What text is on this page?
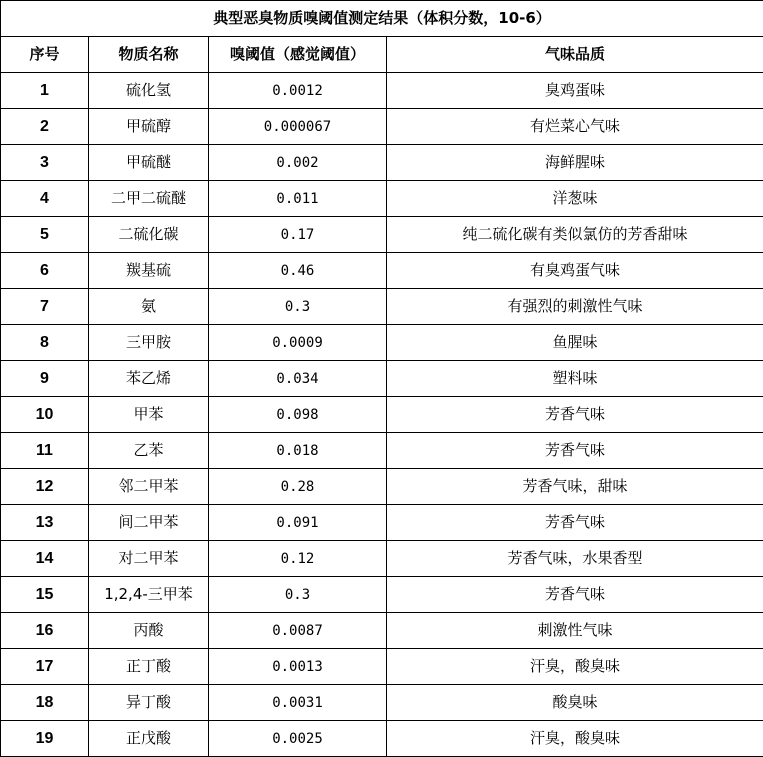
典型恶臭物质嗅阈值测定结果（体积分数，10-6）			
序号	物质名称	嗅阈值（感觉阈值）	气味品质
1	硫化氢	0.0012	臭鸡蛋味
2	甲硫醇	0.000067	有烂菜心气味
3	甲硫醚	0.002	海鲜腥味
4	二甲二硫醚	0.011	洋葱味
5	二硫化碳	0.17	纯二硫化碳有类似氯仿的芳香甜味
6	羰基硫	0.46	有臭鸡蛋气味
7	氨	0.3	有强烈的刺激性气味
8	三甲胺	0.0009	鱼腥味
9	苯乙烯	0.034	塑料味
10	甲苯	0.098	芳香气味
11	乙苯	0.018	芳香气味
12	邻二甲苯	0.28	芳香气味，甜味
13	间二甲苯	0.091	芳香气味
14	对二甲苯	0.12	芳香气味，水果香型
15	1,2,4-三甲苯	0.3	芳香气味
16	丙酸	0.0087	刺激性气味
17	正丁酸	0.0013	汗臭，酸臭味
18	异丁酸	0.0031	酸臭味
19	正戊酸	0.0025	汗臭，酸臭味
